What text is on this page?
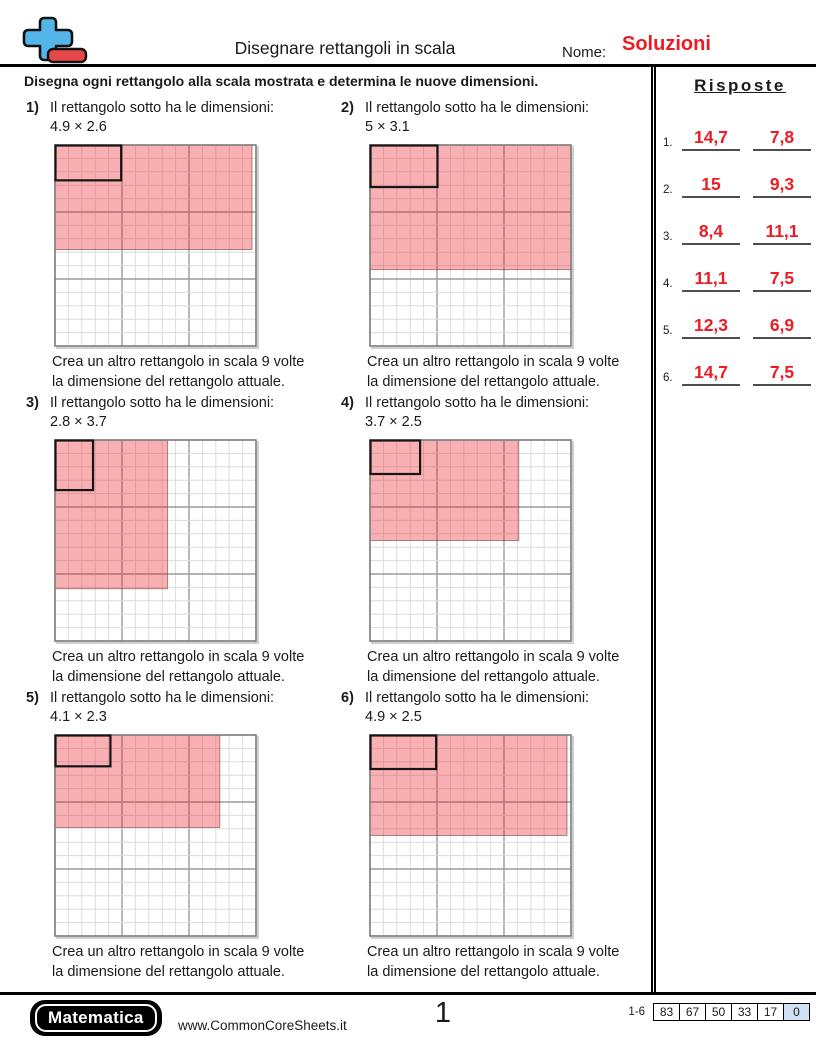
Disegnare rettangoli in scala	Nome: Soluzioni
Disegna ogni rettangolo alla scala mostrata e determina le nuove dimensioni.
1) Il rettangolo sotto ha le dimensioni:
4.9 × 2.6
Crea un altro rettangolo in scala 9 volte
la dimensione del rettangolo attuale.
2) Il rettangolo sotto ha le dimensioni:
5 × 3.1
Crea un altro rettangolo in scala 9 volte
la dimensione del rettangolo attuale.
3) Il rettangolo sotto ha le dimensioni:
2.8 × 3.7
Crea un altro rettangolo in scala 9 volte
la dimensione del rettangolo attuale.
4) Il rettangolo sotto ha le dimensioni:
3.7 × 2.5
Crea un altro rettangolo in scala 9 volte
la dimensione del rettangolo attuale.
5) Il rettangolo sotto ha le dimensioni:
4.1 × 2.3
Crea un altro rettangolo in scala 9 volte
la dimensione del rettangolo attuale.
6) Il rettangolo sotto ha le dimensioni:
4.9 × 2.5
Crea un altro rettangolo in scala 9 volte
la dimensione del rettangolo attuale.
Risposte
1.	14,7	7,8
2.	15	9,3
3.	8,4	11,1
4.	11,1	7,5
5.	12,3	6,9
6.	14,7	7,5
Matematica	www.CommonCoreSheets.it	1	1-6	83	67	50	33	17	0
